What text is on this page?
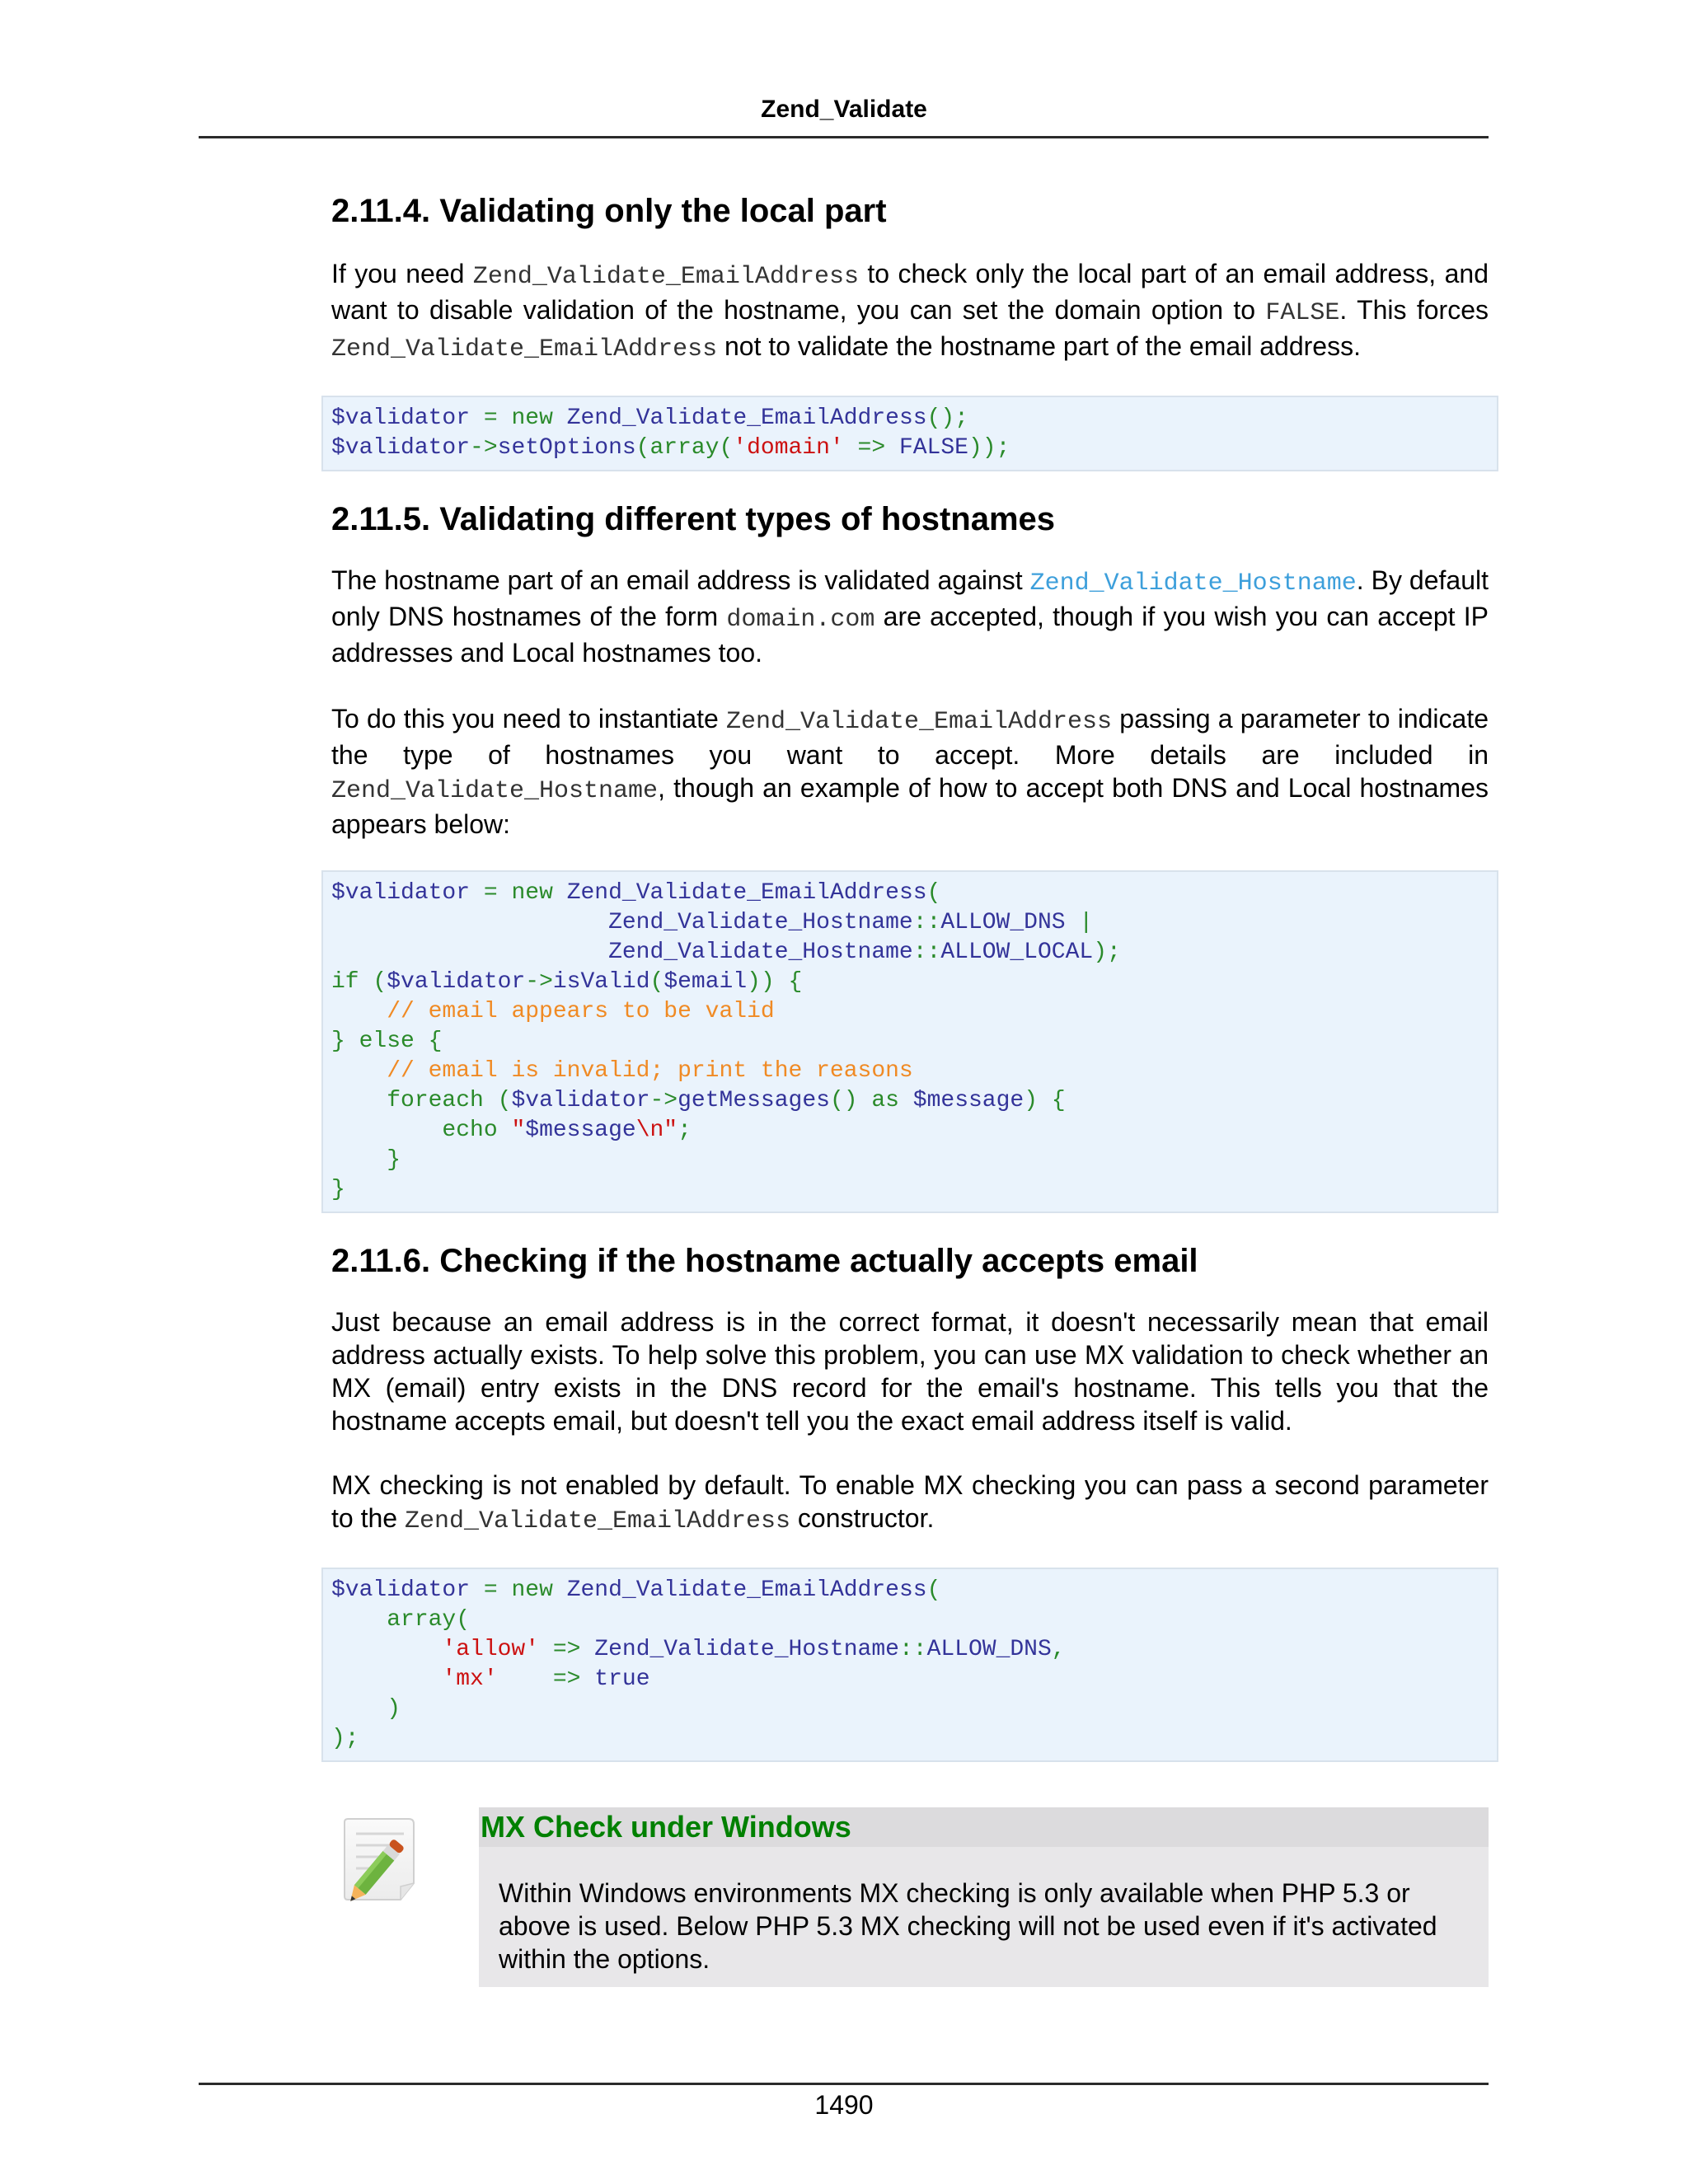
Zend_Validate
2.11.4. Validating only the local part

If you need Zend_Validate_EmailAddress to check only the local part of an email address, and want to disable validation of the hostname, you can set the domain option to FALSE. This forces Zend_Validate_EmailAddress not to validate the hostname part of the email address.

$validator = new Zend_Validate_EmailAddress();
$validator->setOptions(array('domain' => FALSE));
2.11.5. Validating different types of hostnames

The hostname part of an email address is validated against Zend_Validate_Hostname. By default only DNS hostnames of the form domain.com are accepted, though if you wish you can accept IP addresses and Local hostnames too.

To do this you need to instantiate Zend_Validate_EmailAddress passing a parameter to indicate the type of hostnames you want to accept. More details are included in Zend_Validate_Hostname, though an example of how to accept both DNS and Local hostnames appears below:

$validator = new Zend_Validate_EmailAddress(
Zend_Validate_Hostname::ALLOW_DNS |
Zend_Validate_Hostname::ALLOW_LOCAL);
if ($validator->isValid($email)) {
// email appears to be valid
} else {
// email is invalid; print the reasons
foreach ($validator->getMessages() as $message) {
echo "$message\n";
}
}
2.11.6. Checking if the hostname actually accepts email

Just because an email address is in the correct format, it doesn't necessarily mean that email address actually exists. To help solve this problem, you can use MX validation to check whether an MX (email) entry exists in the DNS record for the email's hostname. This tells you that the hostname accepts email, but doesn't tell you the exact email address itself is valid.

MX checking is not enabled by default. To enable MX checking you can pass a second parameter to the Zend_Validate_EmailAddress constructor.

$validator = new Zend_Validate_EmailAddress(
array(
'allow' => Zend_Validate_Hostname::ALLOW_DNS,
'mx' => true
)
);
MX Check under Windows
Within Windows environments MX checking is only available when PHP 5.3 or above is used. Below PHP 5.3 MX checking will not be used even if it's activated within the options.
1490
